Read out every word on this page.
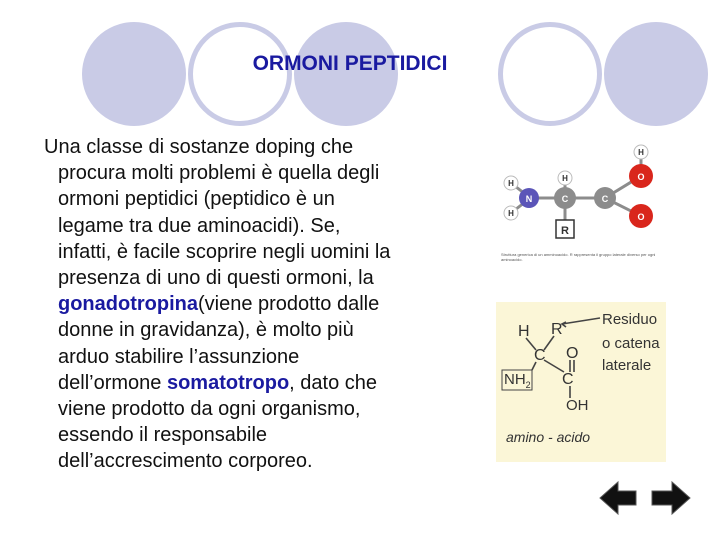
ORMONI PEPTIDICI
Una classe di sostanze doping che
procura molti problemi è quella degli
ormoni peptidici (peptidico è un
legame tra due aminoacidi). Se,
infatti, è facile scoprire negli uomini la
presenza di uno di questi ormoni, la
gonadotropina(viene prodotto dalle
donne in gravidanza), è molto più
arduo stabilire l’assunzione
dell’ormone somatotropo, dato che
viene prodotto da ogni organismo,
essendo il responsabile
dell’accrescimento corporeo.
H
H
N
H
C	C
H
O
O
R
Struttura generica di un amminoacido. R rappresenta il gruppo laterale diverso per ogni aminoacido.
H R
C O
C
$NH_2$
OH
Residuo
o catena
laterale
amino - acido
